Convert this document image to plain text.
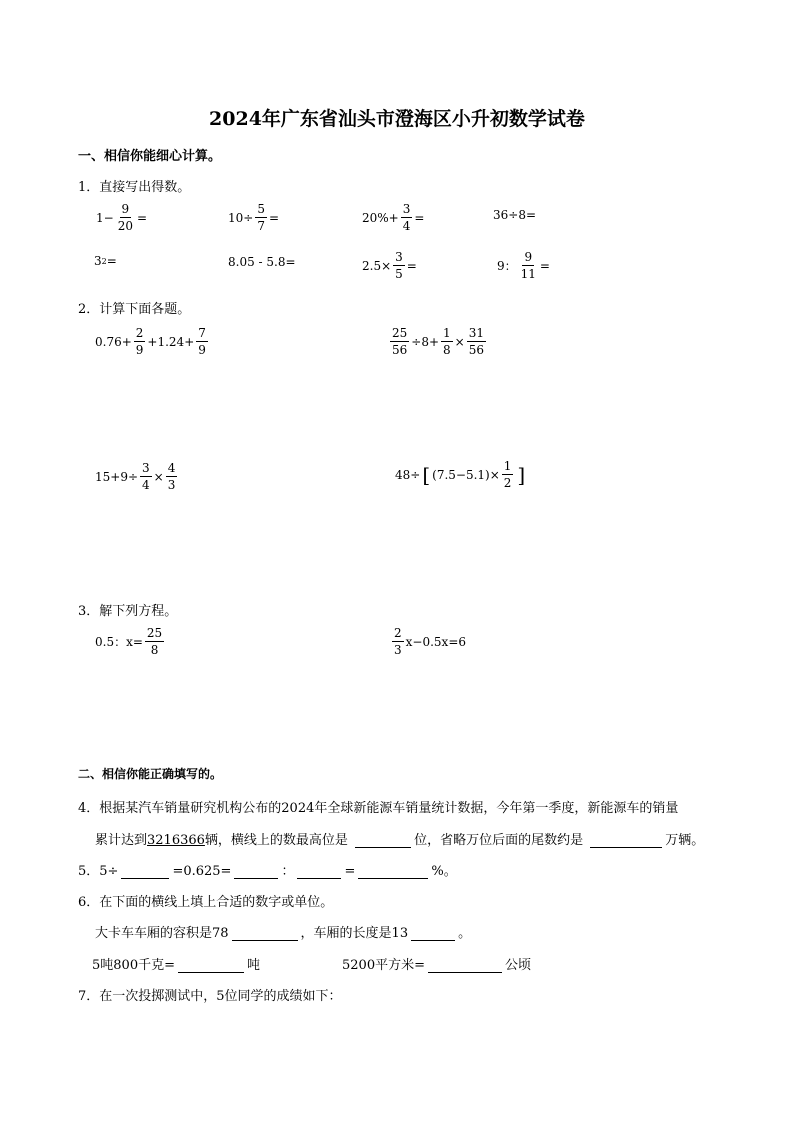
2024年广东省汕头市澄海区小升初数学试卷
一、相信你能细心计算。
1．直接写出得数。
$1- \frac{9}{20}$ =	$10\div \frac{5}{7}$ =	$20\%+ \frac{3}{4}$ =	36÷8=
3 2 =	8.05 - 5.8=	$2.5\times \frac{3}{5}$ =	9： $\frac{9}{11}$ =
2．计算下面各题。
$0.76+ \frac{2}{9} +1.24+ \frac{7}{9}$	$\frac{25}{56} \div 8+ \frac{1}{8} \times \frac{31}{56}$
$15+9\div \frac{3}{4} \times \frac{4}{3}$	48÷ [ $(7.5-5.1)\times \frac{1}{2}$ ]
3．解下列方程。
0.5：$x= \frac{25}{8}$	$\frac{2}{3} x-0.5x=6$
二、相信你能正确填写的。
4．根据某汽车销量研究机构公布的2024年全球新能源车销量统计数据，今年第一季度，新能源车的销量
累计达到3216366辆，横线上的数最高位是	位，省略万位后面的尾数约是	万辆。
5．5÷	=0.625=	：	=	%。
6．在下面的横线上填上合适的数字或单位。
大卡车车厢的容积是78	，车厢的长度是13	。
5吨800千克=	吨	5200平方米=	公顷
7．在一次投掷测试中，5位同学的成绩如下：
